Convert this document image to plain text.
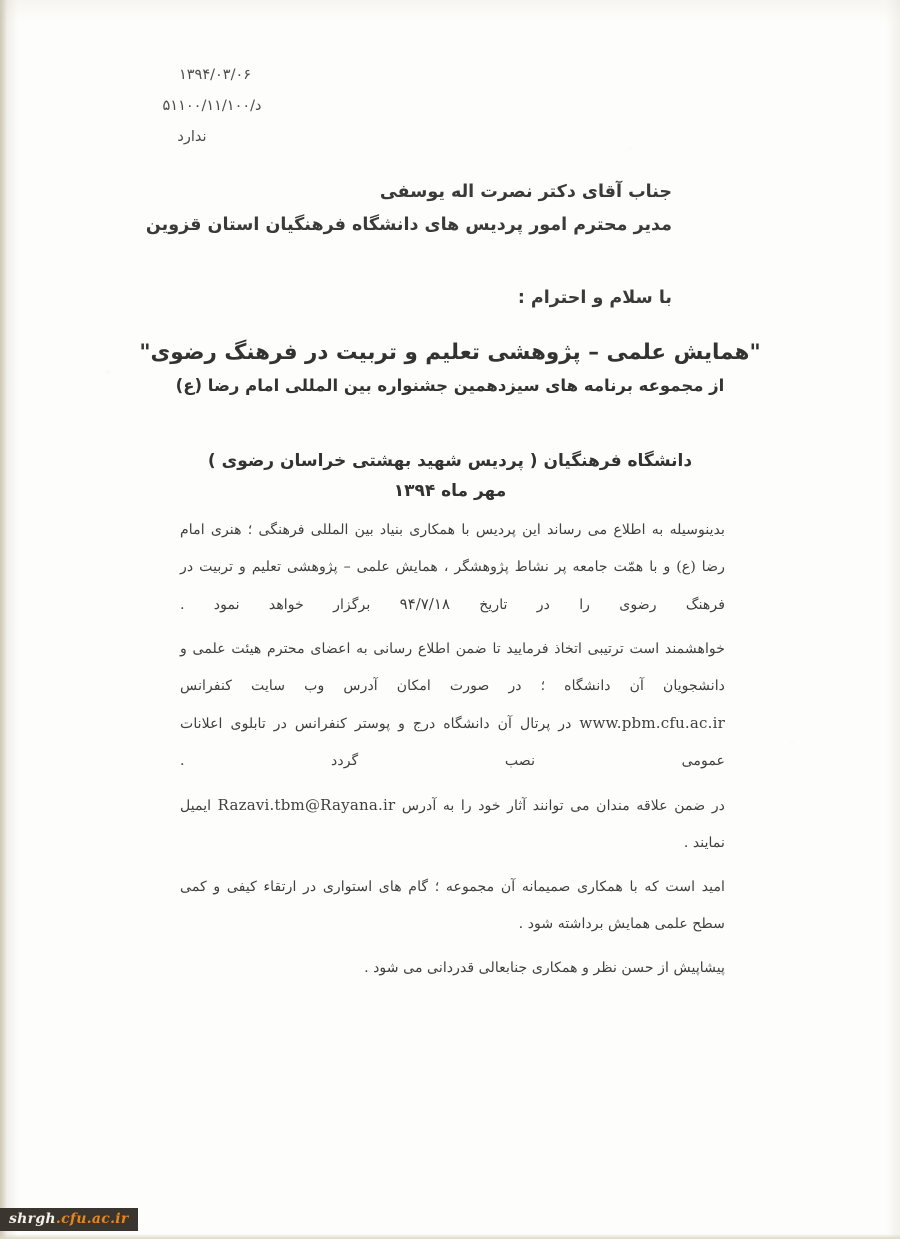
۱۳۹۴/۰۳/۰۶
د/۵۱۱۰۰/۱۱/۱۰۰
ندارد
جناب آقای دکتر نصرت اله یوسفی
مدیر محترم امور پردیس های دانشگاه فرهنگیان استان قزوین
با سلام و احترام :
"همایش علمی – پژوهشی تعلیم و تربیت در فرهنگ رضوی"
از مجموعه برنامه های سیزدهمین جشنواره بین المللی امام رضا (ع)
دانشگاه فرهنگیان ( پردیس شهید بهشتی خراسان رضوی )
مهر ماه ۱۳۹۴

بدینوسیله به اطلاع می رساند این پردیس با همکاری بنیاد بین المللی فرهنگی ؛ هنری امام رضا (ع) و با همّت جامعه پر نشاط پژوهشگر ، همایش علمی – پژوهشی تعلیم و تربیت در فرهنگ رضوی را در تاریخ ۹۴/۷/۱۸ برگزار خواهد نمود .

خواهشمند است ترتیبی اتخاذ فرمایید تا ضمن اطلاع رسانی به اعضای محترم هیئت علمی و دانشجویان آن دانشگاه ؛ در صورت امکان آدرس وب سایت کنفرانس www.pbm.cfu.ac.ir در پرتال آن دانشگاه درج و پوستر کنفرانس در تابلوی اعلانات عمومی نصب گردد .

در ضمن علاقه مندان می توانند آثار خود را به آدرس Razavi.tbm@Rayana.ir ایمیل نمایند .

امید است که با همکاری صمیمانه آن مجموعه ؛ گام های استواری در ارتقاء کیفی و کمی سطح علمی همایش برداشته شود .

پیشاپیش از حسن نظر و همکاری جنابعالی قدردانی می شود .

shrgh.cfu.ac.ir
